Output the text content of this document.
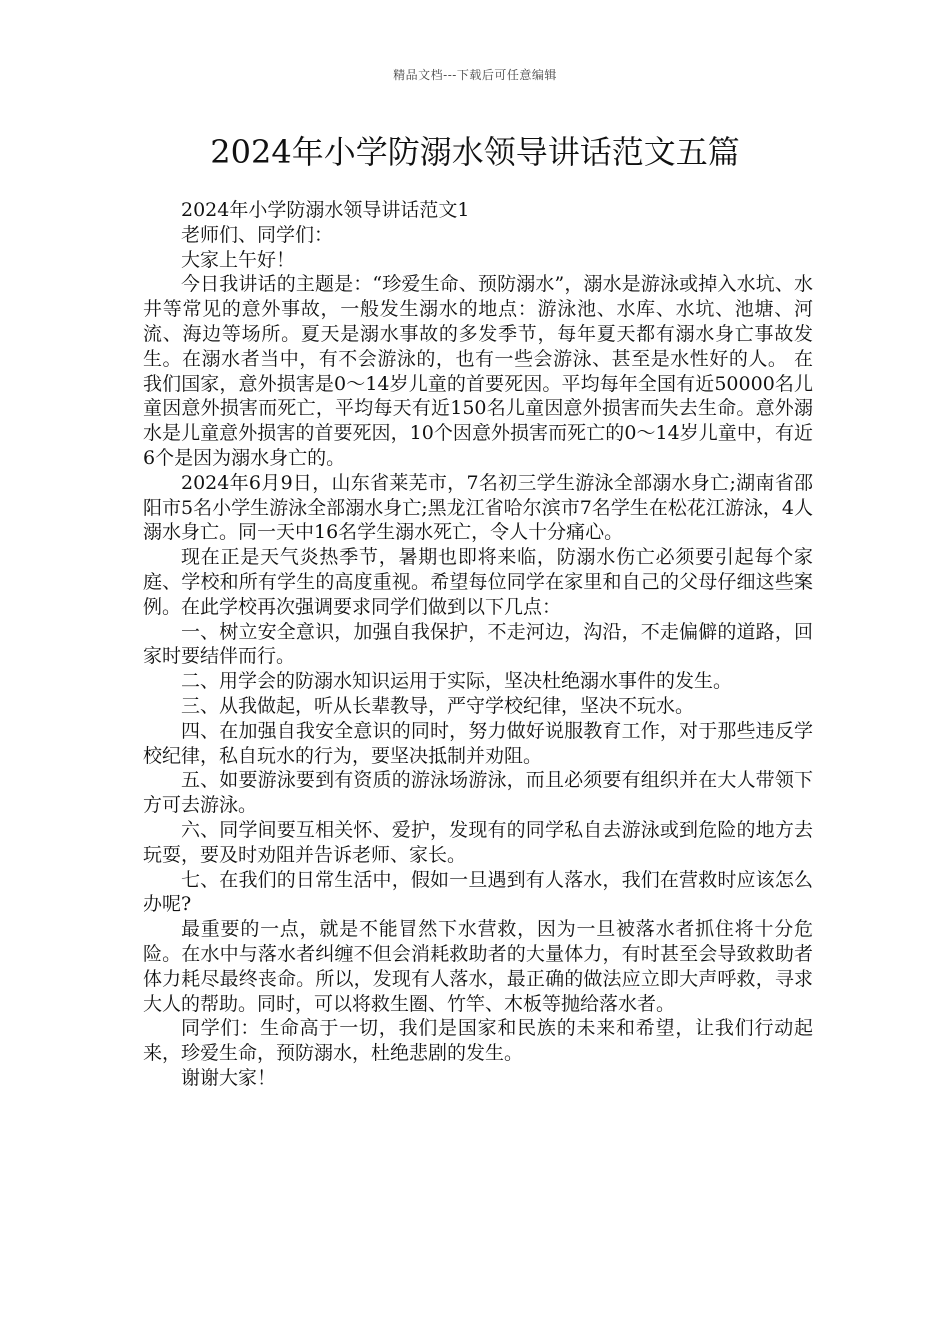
精品文档---下载后可任意编辑
2024年小学防溺水领导讲话范文五篇

2024年小学防溺水领导讲话范文1

老师们、同学们：

大家上午好！

今日我讲话的主题是：“珍爱生命、预防溺水”，溺水是游泳或掉入水坑、水井等常见的意外事故，一般发生溺水的地点：游泳池、水库、水坑、池塘、河流、海边等场所。夏天是溺水事故的多发季节，每年夏天都有溺水身亡事故发生。在溺水者当中，有不会游泳的，也有一些会游泳、甚至是水性好的人。 在我们国家，意外损害是0～14岁儿童的首要死因。平均每年全国有近50000名儿童因意外损害而死亡，平均每天有近150名儿童因意外损害而失去生命。意外溺水是儿童意外损害的首要死因，10个因意外损害而死亡的0～14岁儿童中，有近6个是因为溺水身亡的。

2024年6月9日，山东省莱芜市，7名初三学生游泳全部溺水身亡;湖南省邵阳市5名小学生游泳全部溺水身亡;黑龙江省哈尔滨市7名学生在松花江游泳，4人溺水身亡。同一天中16名学生溺水死亡，令人十分痛心。

现在正是天气炎热季节，暑期也即将来临，防溺水伤亡必须要引起每个家庭、学校和所有学生的高度重视。希望每位同学在家里和自己的父母仔细这些案例。在此学校再次强调要求同学们做到以下几点：

一、树立安全意识，加强自我保护，不走河边，沟沿，不走偏僻的道路，回家时要结伴而行。

二、用学会的防溺水知识运用于实际，坚决杜绝溺水事件的发生。

三、从我做起，听从长辈教导，严守学校纪律，坚决不玩水。

四、在加强自我安全意识的同时，努力做好说服教育工作，对于那些违反学校纪律，私自玩水的行为，要坚决抵制并劝阻。

五、如要游泳要到有资质的游泳场游泳，而且必须要有组织并在大人带领下方可去游泳。

六、同学间要互相关怀、爱护，发现有的同学私自去游泳或到危险的地方去玩耍，要及时劝阻并告诉老师、家长。

七、在我们的日常生活中，假如一旦遇到有人落水，我们在营救时应该怎么办呢?

最重要的一点，就是不能冒然下水营救，因为一旦被落水者抓住将十分危险。在水中与落水者纠缠不但会消耗救助者的大量体力，有时甚至会导致救助者体力耗尽最终丧命。所以，发现有人落水，最正确的做法应立即大声呼救，寻求大人的帮助。同时，可以将救生圈、竹竿、木板等抛给落水者。

同学们：生命高于一切，我们是国家和民族的未来和希望，让我们行动起来，珍爱生命，预防溺水，杜绝悲剧的发生。

谢谢大家！
